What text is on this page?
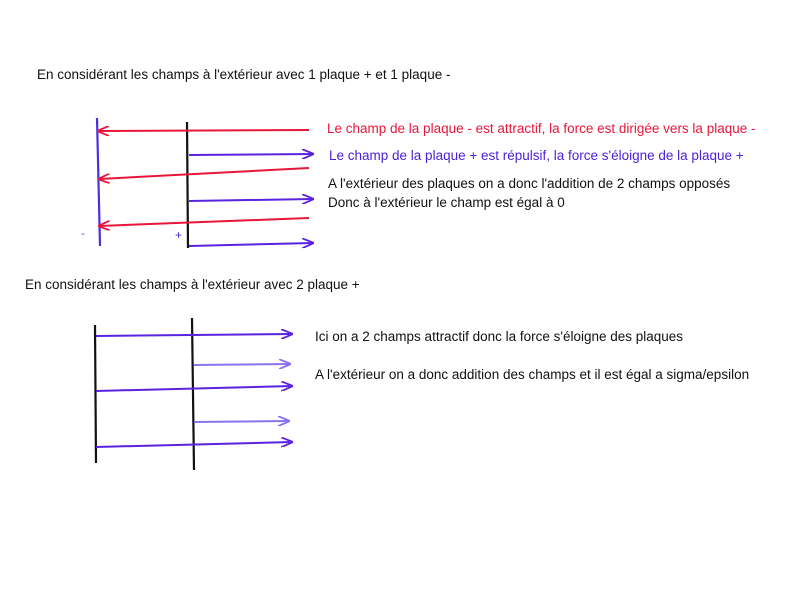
En considérant les champs à l'extérieur avec 1 plaque + et 1 plaque -
Le champ de la plaque - est attractif, la force est dirigée vers la plaque -
Le champ de la plaque + est répulsif, la force s'éloigne de la plaque +
A l'extérieur des plaques on a donc l'addition de 2 champs opposés
Donc à l'extérieur le champ est égal à 0
-	+
En considérant les champs à l'extérieur avec 2 plaque +
Ici on a 2 champs attractif donc la force s'éloigne des plaques
A l'extérieur on a donc addition des champs et il est égal a sigma/epsilon
